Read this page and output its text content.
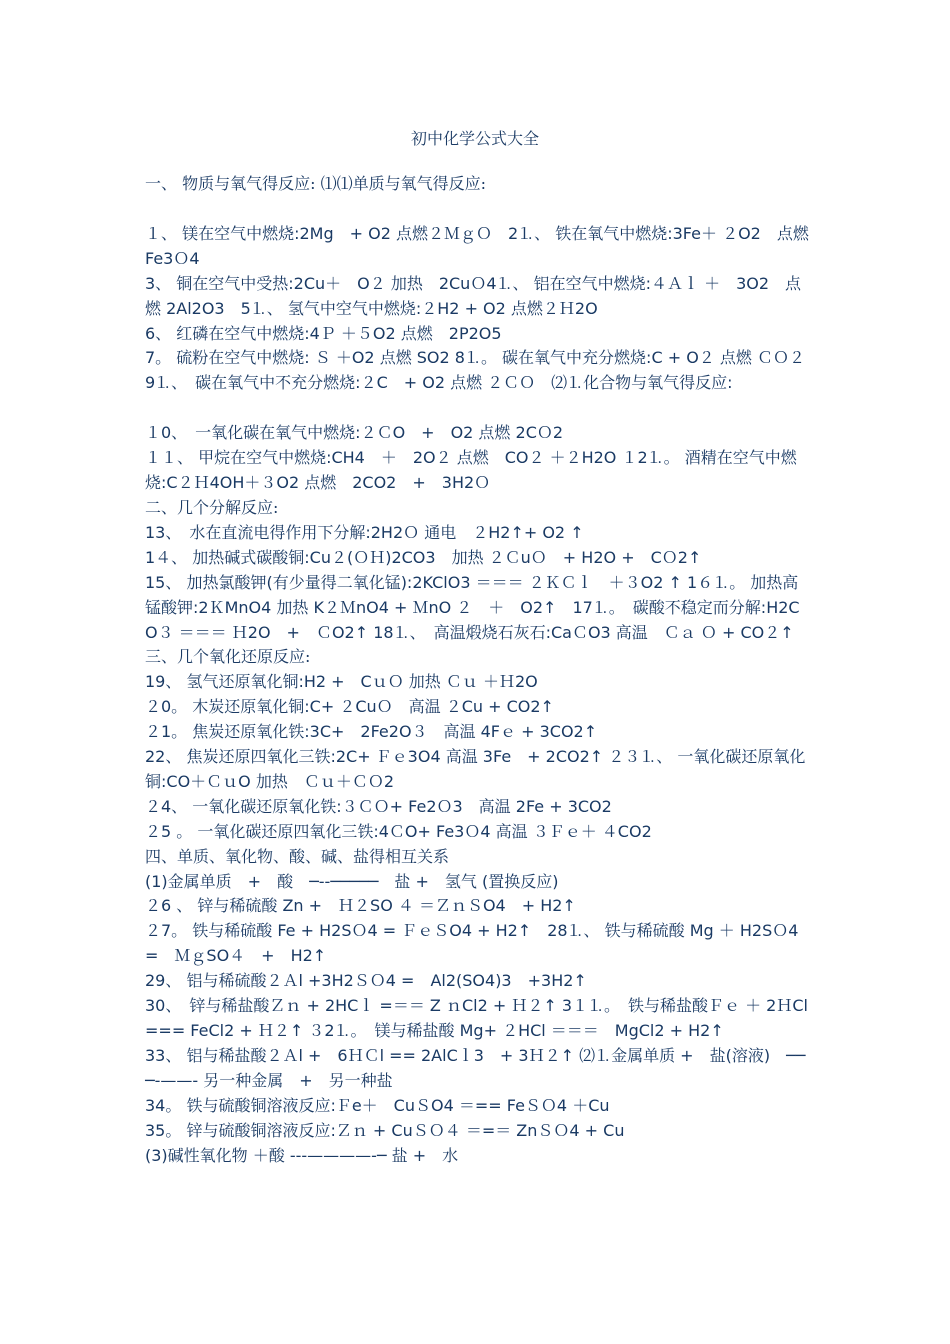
初中化学公式大全

一、 物质与氧气得反应: ⑴⑴单质与氧气得反应:

１、 镁在空气中燃烧:2Mg　+ O2 点燃２ＭｇＯ　2⒈、 铁在氧气中燃烧:3Fe＋ ２O2　点燃　Fe3Ｏ4

3、 铜在空气中受热:2Cu＋　O２ 加热　2CuＯ4⒈、 铝在空气中燃烧:４Ａｌ ＋　3O2　点燃 2Al2O3　5⒈、 氢气中空气中燃烧:２H2 + O2 点燃２Ｈ2O

6、 红磷在空气中燃烧:4Ｐ ＋５O2 点燃　2P2O5

7。 硫粉在空气中燃烧: Ｓ ＋O2 点燃 SO2 8⒈。 碳在氧气中充分燃烧:C + O２ 点燃 ＣＯ２ 9⒈、　碳在氧气中不充分燃烧:２C　+ O2 点燃 ２ＣＯ　⑵⒈化合物与氧气得反应:

１0、　一氧化碳在氧气中燃烧:２ＣO　+　O2 点燃 2CＯ2

１１、 甲烷在空气中燃烧:CH4　＋　2O２ 点燃　CO２ ＋２H2O １2⒈。 酒精在空气中燃烧:C２Ｈ4OH＋３O2 点燃　2CO2　+　3H2Ｏ

二、几个分解反应:

13、　水在直流电得作用下分解:2H2Ｏ 通电　２H2↑+ O2 ↑

1４、 加热碱式碳酸铜:Cu２(ＯＨ)2CO3　加热 ２ＣuＯ　+ H2O +　CＯ2↑

15、 加热氯酸钾(有少量得二氧化锰):2KClO3 ＝＝＝ ２ＫＣｌ　＋３O2 ↑ 1６⒈。 加热高锰酸钾:2ＫMnO4 加热 K２ＭnO4 + ＭnO ２　＋　O2↑　17⒈。　碳酸不稳定而分解:H2CO３ ＝＝＝ Ｈ2O　+　ＣO2↑ 18⒈、　高温煅烧石灰石:CaＣO3 高温　Ｃａ Ｏ + CO２↑

三、几个氧化还原反应:

19、 氢气还原氧化铜:H2 +　CｕＯ 加热 Ｃｕ ＋Ｈ2O

２0。 木炭还原氧化铜:C+ ２CuＯ　高温 ２Cu + CO2↑

２1。 焦炭还原氧化铁:3C+　2Fe2O３　高温 4Fｅ + 3CO2↑

22、 焦炭还原四氧化三铁:2C+ Ｆｅ3O4 高温 3Fe　+ 2CO2↑ ２３⒈、 一氧化碳还原氧化铜:CO＋ＣｕO 加热　Ｃｕ＋ＣＯ2

２4、 一氧化碳还原氧化铁:３ＣＯ+ Fe2Ｏ3　高温 2Fe + 3CO2

２5 。 一氧化碳还原四氧化三铁:4ＣO+ Fe3Ｏ4 高温 ３Ｆｅ＋ ４CO2

四、单质、氧化物、酸、碱、盐得相互关系

(1)金属单质　+　酸　─--─────　盐 +　氢气 (置换反应)

２6 、 锌与稀硫酸 Zn +　Ｈ２SO ４ ＝ＺｎＳO4　+ H2↑

２7。 铁与稀硫酸 Fe + H2SＯ4 = ＦｅＳO4 + H2↑　28⒈、 铁与稀硫酸 Mg ＋ H2SＯ4 =　ＭｇSO４　+　H2↑

29、 铝与稀硫酸２Ａl +3H2ＳＯ4 =　Al2(SO4)3　+3H2↑

30、　锌与稀盐酸Ｚｎ + 2HCｌ =＝＝ Z ｎCl2 + Ｈ２↑ 3１⒈。　铁与稀盐酸Ｆｅ ＋ 2ＨCl　=== FeCl2 + Ｈ２↑ ３2⒈。　镁与稀盐酸 Mg+ ２HCl ＝＝＝　MgCl2 + H2↑

33、 铝与稀盐酸２Ａl +　6ＨＣl == 2AlCｌ3　+ 3Ｈ２↑ ⑵⒈金属单质 +　盐(溶液)　───-——- 另一种金属　+　另一种盐

34。 铁与硫酸铜溶液反应:Ｆe＋　CuＳO4 ＝== FeＳＯ4 ＋Cu

35。 锌与硫酸铜溶液反应:Ｚｎ + CuＳＯ４ ＝=＝ ZnＳＯ4 + Cu

(3)碱性氧化物 ＋酸 ---————-─ 盐 +　水
